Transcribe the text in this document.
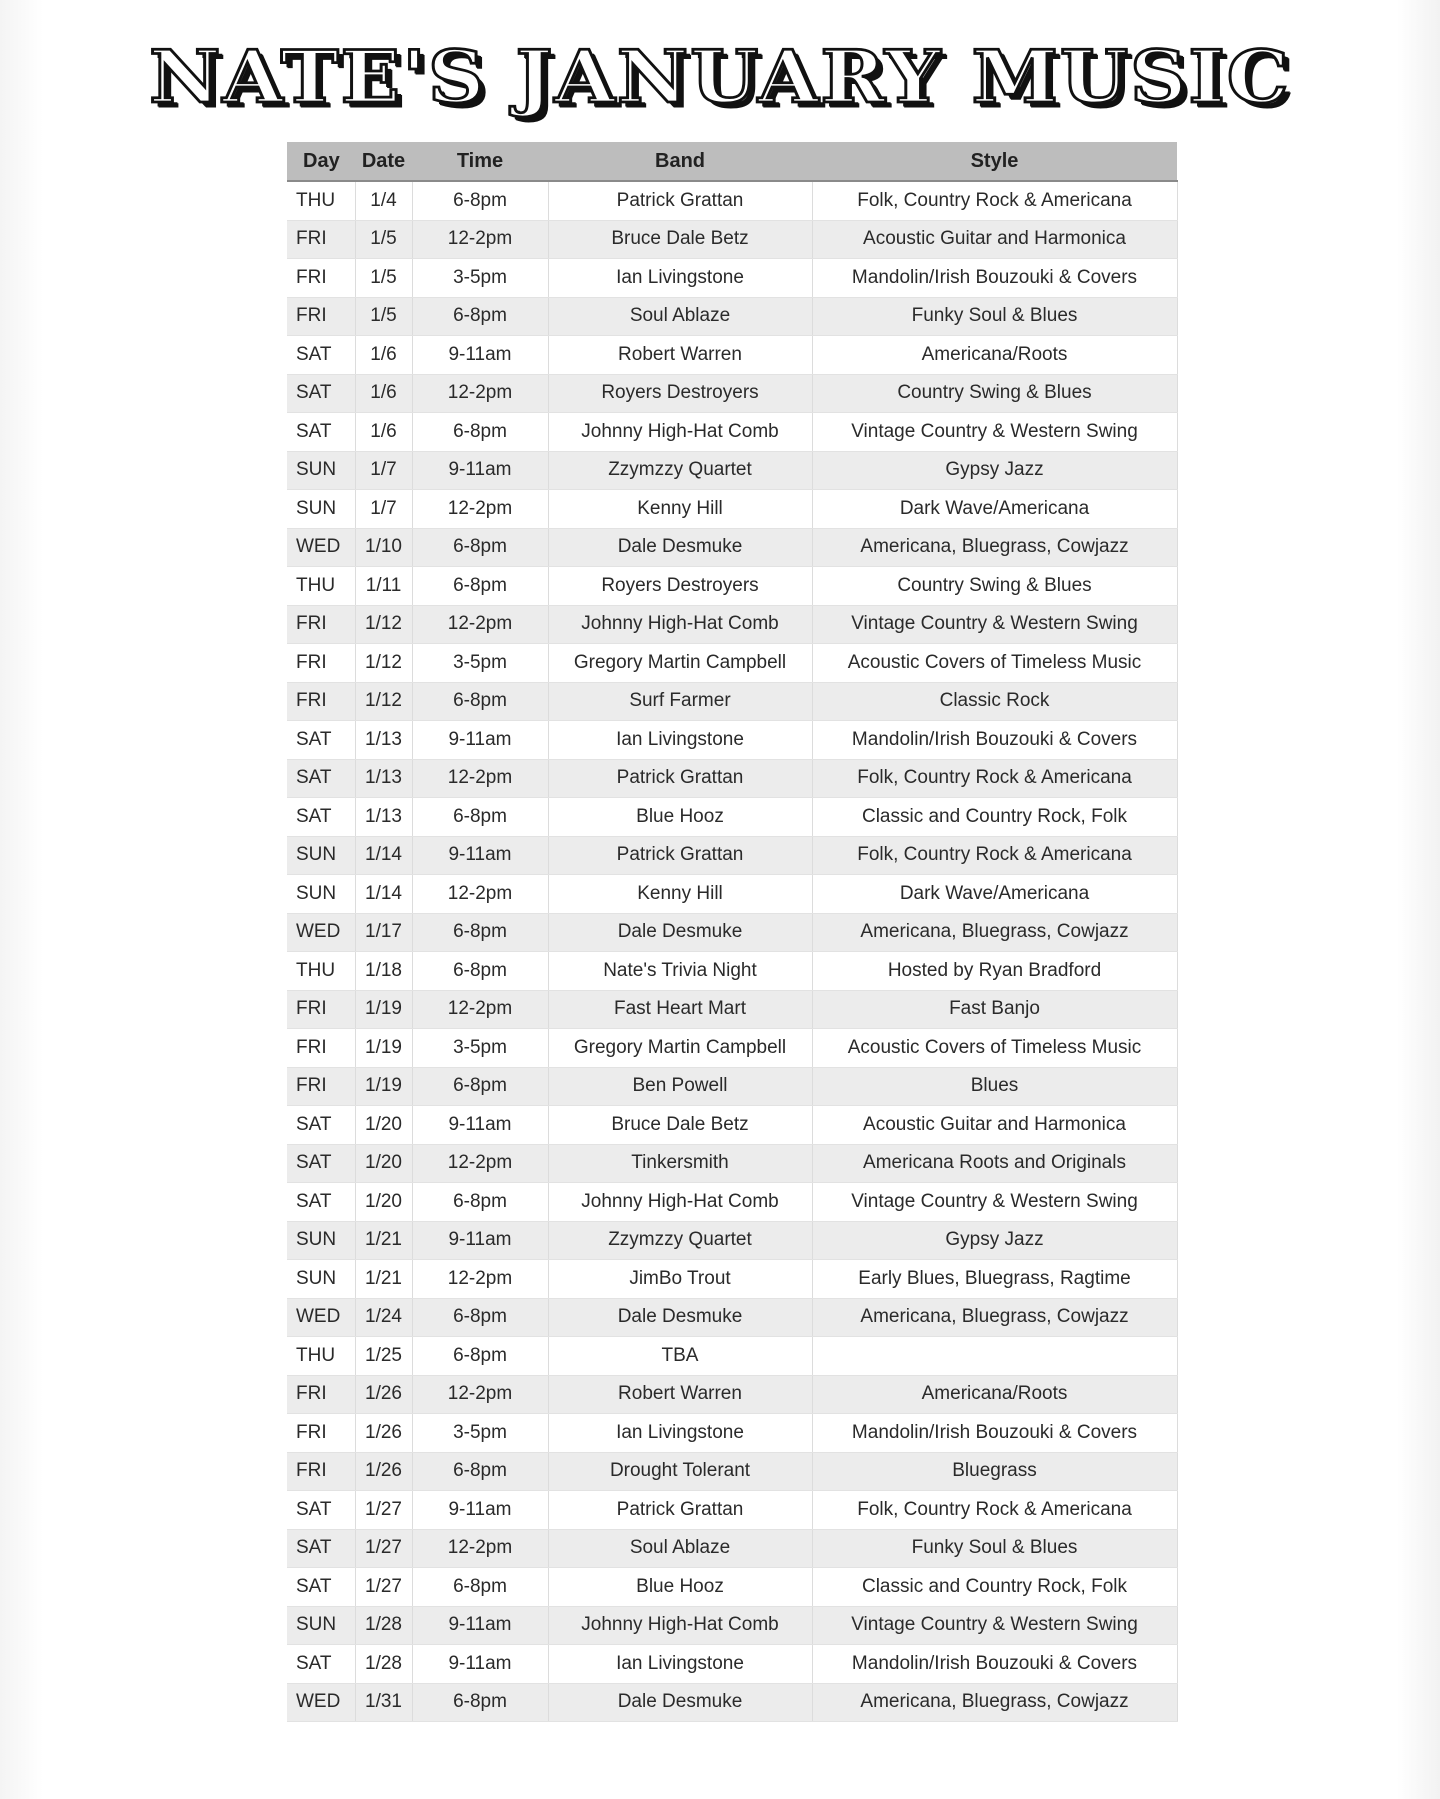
NATE'S JANUARY MUSIC
Day	Date	Time	Band	Style
THU	1/4	6-8pm	Patrick Grattan	Folk, Country Rock & Americana
FRI	1/5	12-2pm	Bruce Dale Betz	Acoustic Guitar and Harmonica
FRI	1/5	3-5pm	Ian Livingstone	Mandolin/Irish Bouzouki & Covers
FRI	1/5	6-8pm	Soul Ablaze	Funky Soul & Blues
SAT	1/6	9-11am	Robert Warren	Americana/Roots
SAT	1/6	12-2pm	Royers Destroyers	Country Swing & Blues
SAT	1/6	6-8pm	Johnny High-Hat Comb	Vintage Country & Western Swing
SUN	1/7	9-11am	Zzymzzy Quartet	Gypsy Jazz
SUN	1/7	12-2pm	Kenny Hill	Dark Wave/Americana
WED	1/10	6-8pm	Dale Desmuke	Americana, Bluegrass, Cowjazz
THU	1/11	6-8pm	Royers Destroyers	Country Swing & Blues
FRI	1/12	12-2pm	Johnny High-Hat Comb	Vintage Country & Western Swing
FRI	1/12	3-5pm	Gregory Martin Campbell	Acoustic Covers of Timeless Music
FRI	1/12	6-8pm	Surf Farmer	Classic Rock
SAT	1/13	9-11am	Ian Livingstone	Mandolin/Irish Bouzouki & Covers
SAT	1/13	12-2pm	Patrick Grattan	Folk, Country Rock & Americana
SAT	1/13	6-8pm	Blue Hooz	Classic and Country Rock, Folk
SUN	1/14	9-11am	Patrick Grattan	Folk, Country Rock & Americana
SUN	1/14	12-2pm	Kenny Hill	Dark Wave/Americana
WED	1/17	6-8pm	Dale Desmuke	Americana, Bluegrass, Cowjazz
THU	1/18	6-8pm	Nate's Trivia Night	Hosted by Ryan Bradford
FRI	1/19	12-2pm	Fast Heart Mart	Fast Banjo
FRI	1/19	3-5pm	Gregory Martin Campbell	Acoustic Covers of Timeless Music
FRI	1/19	6-8pm	Ben Powell	Blues
SAT	1/20	9-11am	Bruce Dale Betz	Acoustic Guitar and Harmonica
SAT	1/20	12-2pm	Tinkersmith	Americana Roots and Originals
SAT	1/20	6-8pm	Johnny High-Hat Comb	Vintage Country & Western Swing
SUN	1/21	9-11am	Zzymzzy Quartet	Gypsy Jazz
SUN	1/21	12-2pm	JimBo Trout	Early Blues, Bluegrass, Ragtime
WED	1/24	6-8pm	Dale Desmuke	Americana, Bluegrass, Cowjazz
THU	1/25	6-8pm	TBA	
FRI	1/26	12-2pm	Robert Warren	Americana/Roots
FRI	1/26	3-5pm	Ian Livingstone	Mandolin/Irish Bouzouki & Covers
FRI	1/26	6-8pm	Drought Tolerant	Bluegrass
SAT	1/27	9-11am	Patrick Grattan	Folk, Country Rock & Americana
SAT	1/27	12-2pm	Soul Ablaze	Funky Soul & Blues
SAT	1/27	6-8pm	Blue Hooz	Classic and Country Rock, Folk
SUN	1/28	9-11am	Johnny High-Hat Comb	Vintage Country & Western Swing
SAT	1/28	9-11am	Ian Livingstone	Mandolin/Irish Bouzouki & Covers
WED	1/31	6-8pm	Dale Desmuke	Americana, Bluegrass, Cowjazz
